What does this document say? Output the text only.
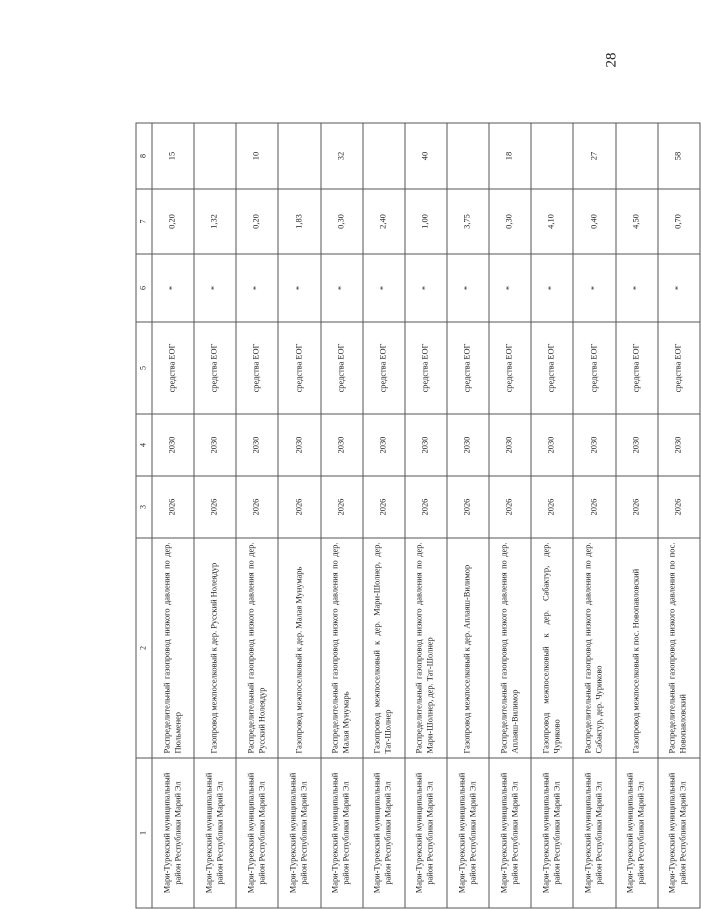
28
1	2	3	4	5	6	7	8
Мари-Турекский муниципальный район Республики Марий Эл	Распределительный газопровод низкого давления по дер. Пюльменер	2026	2030	средства ЕОГ	*	0,20	15
Мари-Турекский муниципальный район Республики Марий Эл	Газопровод межпоселковый к дер. Русский Нолеядур	2026	2030	средства ЕОГ	*	1,32	
Мари-Турекский муниципальный район Республики Марий Эл	Распределительный газопровод низкого давления по дер. Русский Нолеядур	2026	2030	средства ЕОГ	*	0,20	10
Мари-Турекский муниципальный район Республики Марий Эл	Газопровод межпоселковый к дер. Малая Мунумарь	2026	2030	средства ЕОГ	*	1,83	
Мари-Турекский муниципальный район Республики Марий Эл	Распределительный газопровод низкого давления по дер. Малая Мунумарь	2026	2030	средства ЕОГ	*	0,30	32
Мари-Турекский муниципальный район Республики Марий Эл	Газопровод межпоселковый к дер. Мари-Шолнер, дер. Тат-Шолнер	2026	2030	средства ЕОГ	*	2,40	
Мари-Турекский муниципальный район Республики Марий Эл	Распределительный газопровод низкого давления по дер. Мари-Шолнер, дер. Тат-Шолнер	2026	2030	средства ЕОГ	*	1,00	40
Мари-Турекский муниципальный район Республики Марий Эл	Газопровод межпоселковый к дер. Аплаяш-Вилимор	2026	2030	средства ЕОГ	*	3,75	
Мари-Турекский муниципальный район Республики Марий Эл	Распределительный газопровод низкого давления по дер. Аплаяш-Вилимор	2026	2030	средства ЕОГ	*	0,30	18
Мари-Турекский муниципальный район Республики Марий Эл	Газопровод межпоселковый к дер. Сабактур, дер. Чуриково	2026	2030	средства ЕОГ	*	4,10	
Мари-Турекский муниципальный район Республики Марий Эл	Распределительный газопровод низкого давления по дер. Сабактур, дер. Чуриково	2026	2030	средства ЕОГ	*	0,40	27
Мари-Турекский муниципальный район Республики Марий Эл	Газопровод межпоселковый к пос. Новопавловский	2026	2030	средства ЕОГ	*	4,50	
Мари-Турекский муниципальный район Республики Марий Эл	Распределительный газопровод низкого давления по пос. Новопавловский	2026	2030	средства ЕОГ	*	0,70	58
